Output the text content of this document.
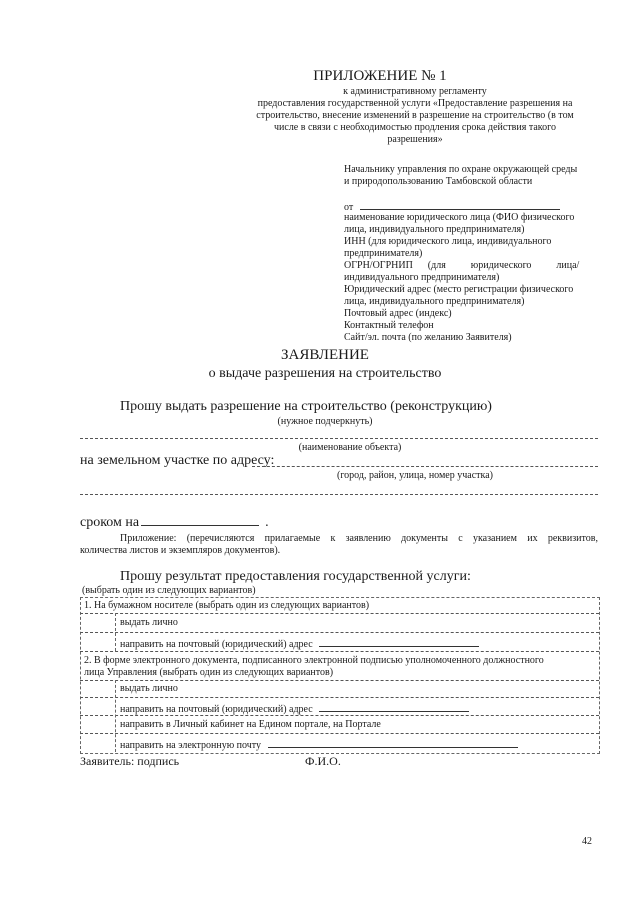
ПРИЛОЖЕНИЕ № 1
к административному регламенту
предоставления государственной услуги «Предоставление разрешения на
строительство, внесение изменений в разрешение на строительство (в том
числе в связи с необходимостью продления срока действия такого
разрешения»
Начальнику управления по охране окружающей среды
и природопользованию Тамбовской области
от
наименование юридического лица (ФИО физического
лица, индивидуального предпринимателя)
ИНН (для юридического лица, индивидуального
предпринимателя)
ОГРН/ОГРНИП      (для          юридического          лица/
индивидуального предпринимателя)
Юридический адрес (место регистрации физического
лица, индивидуального предпринимателя)
Почтовый адрес (индекс)
Контактный телефон
Сайт/эл. почта (по желанию Заявителя)
ЗАЯВЛЕНИЕ
о выдаче разрешения на строительство
Прошу выдать разрешение на строительство (реконструкцию)
(нужное подчеркнуть)
(наименование объекта)
на земельном участке по адресу:
(город, район, улица, номер участка)
сроком на	.
Приложение: (перечисляются прилагаемые к заявлению документы с указанием их реквизитов,
количества листов и экземпляров документов).
Прошу результат предоставления государственной услуги:
(выбрать один из следующих вариантов)
1. На бумажном носителе (выбрать один из следующих вариантов)
выдать лично
направить на почтовый (юридический) адрес
2. В форме электронного документа, подписанного электронной подписью уполномоченного должностного
лица Управления (выбрать один из следующих вариантов)
выдать лично
направить на почтовый (юридический) адрес
направить в Личный кабинет на Едином портале, на Портале
направить на электронную почту
Заявитель: подпись	Ф.И.О.
42
